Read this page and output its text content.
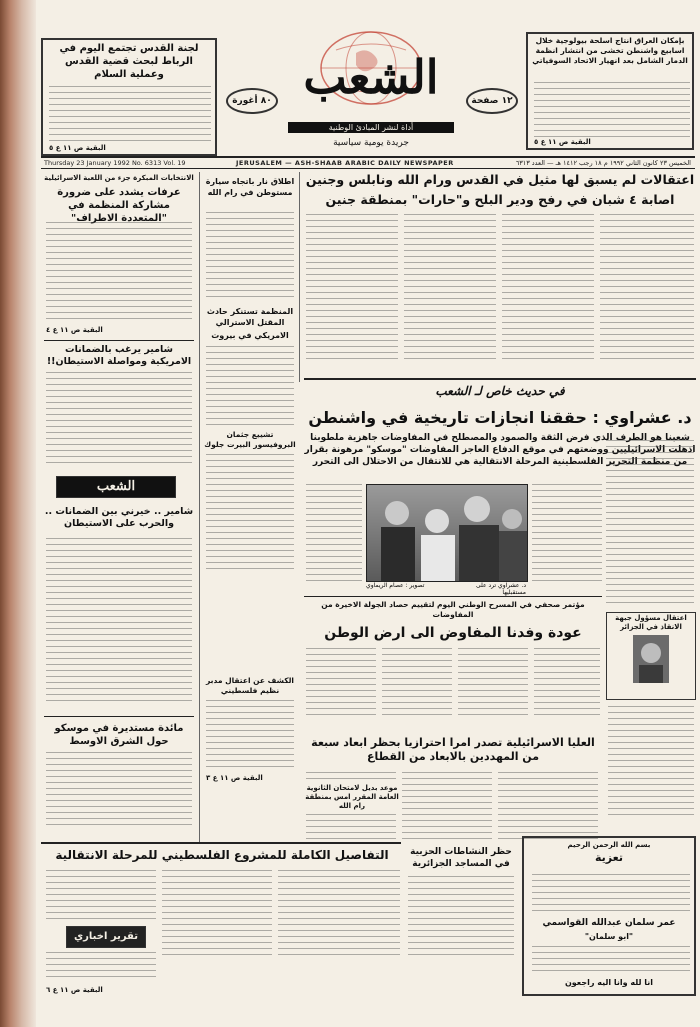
لجنة القدس تجتمع اليوم في الرباط لبحث قضية القدس وعملية السلام
البقية ص ١١ ع ٥
بإمكان العراق انتاج اسلحة بيولوجية خلال اسابيع واشنطن تخشى من انتشار انظمة الدمار الشامل بعد انهيار الاتحاد السوفياتي
البقية ص ١١ ع ٥
الشعب
أداة لنشر المبادئ الوطنية
جريدة يومية سياسية
١٢ صفحة
٨٠ أغورة
Thursday 23 January 1992 No. 6313 Vol. 19	JERUSALEM — ASH-SHAAB ARABIC DAILY NEWSPAPER	الخميس ٢٣ كانون الثاني ١٩٩٢ م ١٨ رجب ١٤١٢ هـ — العدد ٦٣١٣
الانتخابات المبكرة جزء من اللعبة الاسرائيلية
عرفات يشدد على ضرورة مشاركة المنظمة في "المتعددة الاطراف"
البقية ص ١١ ع ٤
شامير يرغب بالضمانات الامريكية ومواصلة الاستيطان!!
الشعب
شامير .. خيرني بين الضمانات .. والحرب على الاستيطان
مائدة مستديرة في موسكو حول الشرق الاوسط
اطلاق نار باتجاه سيارة مستوطن في رام الله
المنظمة تستنكر حادث المقتل الاسترالي
الامريكي في بيروت
تشييع جثمان البروفيسور البيرت جلوك
الكشف عن اعتقال مدبر نظيم فلسطيني
البقية ص ١١ ع ٣
اعتقالات لم يسبق لها مثيل في القدس ورام الله ونابلس وجنين
اصابة ٤ شبان في رفح ودير البلح و"حارات" بمنطقة جنين
في حديث خاص لـ الشعب
د. عشراوي : حققنا انجازات تاريخية في واشنطن
شعبنا هو الطرف الذي فرض الثقة والصمود والمصطلح في المفاوضات جاهزية ملطوبنا اذهلت الاسرائيليين ووضعتهم في موقع الدفاع العاجز المفاوضات "موسكو" مرهونة بقرار من منظمة التحرير الفلسطينية المرحلة الانتقالية هي للانتقال من الاحتلال الى التحرر
د. عشراوي ترد على مستقبليها
تصوير : عصام الريماوي
اعتقال مسؤول جبهة الانقاذ في الجزائر
مؤتمر صحفي في المسرح الوطني اليوم لتقييم حصاد الجولة الاخيرة من المفاوضات
عودة وفدنا المفاوض الى ارض الوطن
العليا الاسرائيلية تصدر امرا احترازيا بحظر ابعاد سبعة من المهددين بالابعاد من القطاع
موعد بديل لامتحان الثانوية العامة المقرر امس بمنطقة رام الله
حظر النشاطات الحزبية في المساجد الجزائرية
بسم الله الرحمن الرحيم
تعزية
عمر سلمان عبدالله القواسمي
"ابو سلمان"
انا لله وانا اليه راجعون
التفاصيل الكاملة للمشروع الفلسطيني للمرحلة الانتقالية
تقرير اخباري
البقية ص ١١ ع ٦
